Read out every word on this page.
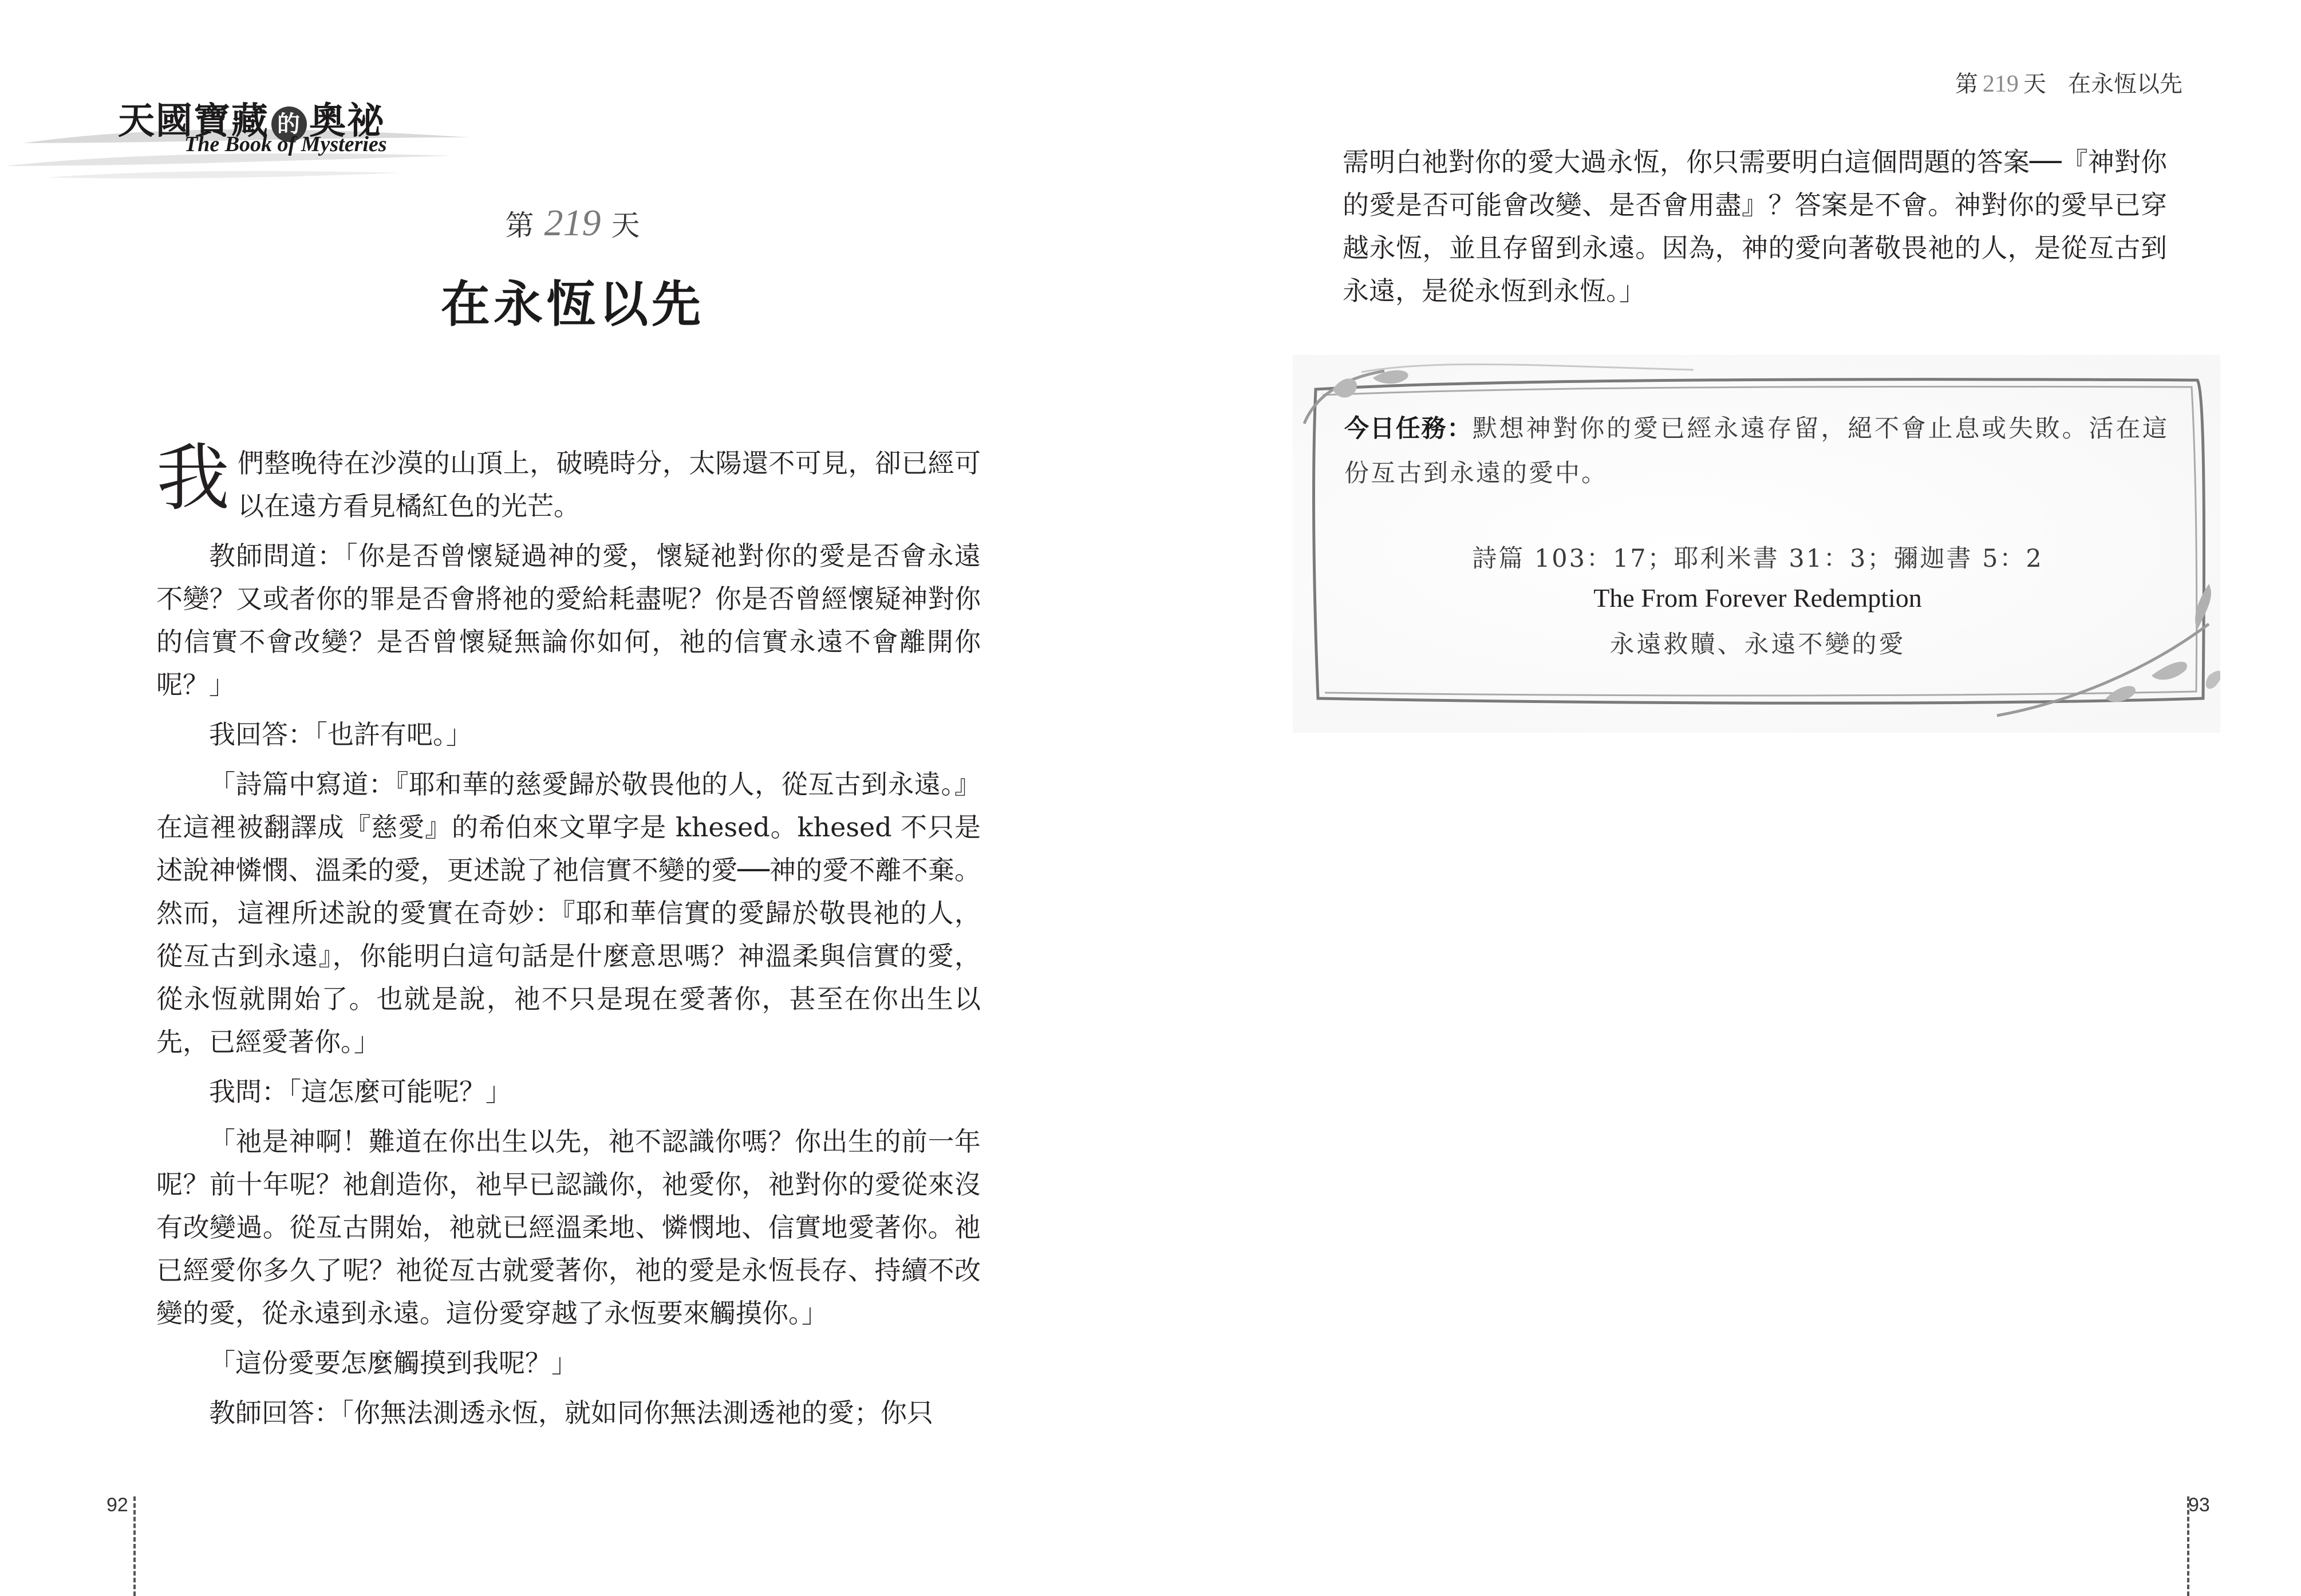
天國寶藏 的 奧祕
The Book of Mysteries
第 219 天
在永恆以先

我們整晚待在沙漠的山頂上，破曉時分，太陽還不可見，卻已經可以在遠方看見橘紅色的光芒。

教師問道：「你是否曾懷疑過神的愛，懷疑祂對你的愛是否會永遠不變？又或者你的罪是否會將祂的愛給耗盡呢？你是否曾經懷疑神對你的信實不會改變？是否曾懷疑無論你如何，祂的信實永遠不會離開你呢？」

我回答：「也許有吧。」

「詩篇中寫道：『耶和華的慈愛歸於敬畏他的人，從亙古到永遠。』在這裡被翻譯成『慈愛』的希伯來文單字是 khesed。khesed 不只是述說神憐憫、溫柔的愛，更述說了祂信實不變的愛──神的愛不離不棄。然而，這裡所述說的愛實在奇妙：『耶和華信實的愛歸於敬畏祂的人，從亙古到永遠』，你能明白這句話是什麼意思嗎？神溫柔與信實的愛，從永恆就開始了。也就是說，祂不只是現在愛著你，甚至在你出生以先，已經愛著你。」

我問：「這怎麼可能呢？」

「祂是神啊！難道在你出生以先，祂不認識你嗎？你出生的前一年呢？前十年呢？祂創造你，祂早已認識你，祂愛你，祂對你的愛從來沒有改變過。從亙古開始，祂就已經溫柔地、憐憫地、信實地愛著你。祂已經愛你多久了呢？祂從亙古就愛著你，祂的愛是永恆長存、持續不改變的愛，從永遠到永遠。這份愛穿越了永恆要來觸摸你。」

「這份愛要怎麼觸摸到我呢？」

教師回答：「你無法測透永恆，就如同你無法測透祂的愛；你只

92
第 219 天 在永恆以先

需明白祂對你的愛大過永恆，你只需要明白這個問題的答案──『神對你的愛是否可能會改變、是否會用盡』？答案是不會。神對你的愛早已穿越永恆，並且存留到永遠。因為，神的愛向著敬畏祂的人，是從亙古到永遠，是從永恆到永恆。」

今日任務：默想神對你的愛已經永遠存留，絕不會止息或失敗。活在這份亙古到永遠的愛中。
詩篇 103：17；耶利米書 31：3；彌迦書 5：2
The From Forever Redemption
永遠救贖、永遠不變的愛
93
